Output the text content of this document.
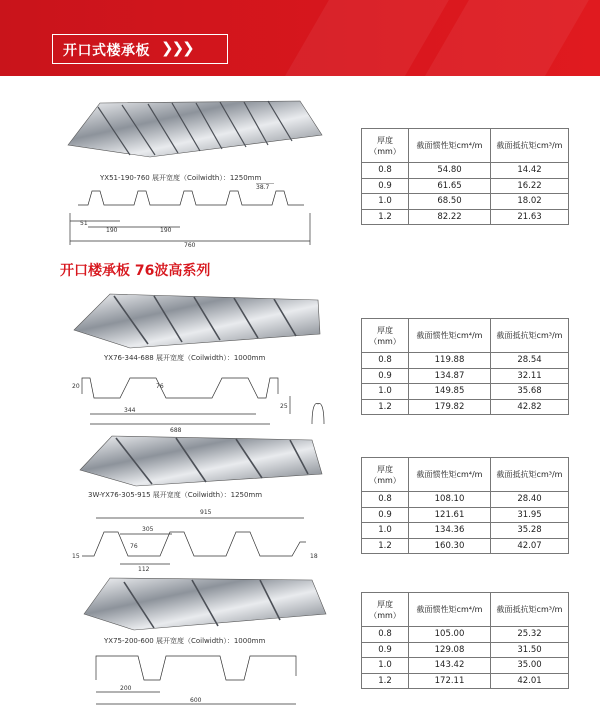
开口式楼承板 ❯❯❯
开口楼承板 76波高系列
YX51-190-760 展开宽度（Coilwidth）：1250mm
51
190	190
38.7
760
厚度（mm）	截面惯性矩cm⁴/m	截面抵抗矩cm³/m
0.8	54.80	14.42
0.9	61.65	16.22
1.0	68.50	18.02
1.2	82.22	21.63
YX76-344-688 展开宽度（Coilwidth）：1000mm
20	76
344
25
688
厚度（mm）	截面惯性矩cm⁴/m	截面抵抗矩cm³/m
0.8	119.88	28.54
0.9	134.87	32.11
1.0	149.85	35.68
1.2	179.82	42.82
3W-YX76-305-915 展开宽度（Coilwidth）：1250mm
915
305
76
15
112
18
厚度（mm）	截面惯性矩cm⁴/m	截面抵抗矩cm³/m
0.8	108.10	28.40
0.9	121.61	31.95
1.0	134.36	35.28
1.2	160.30	42.07
YX75-200-600 展开宽度（Coilwidth）：1000mm
200
600
厚度（mm）	截面惯性矩cm⁴/m	截面抵抗矩cm³/m
0.8	105.00	25.32
0.9	129.08	31.50
1.0	143.42	35.00
1.2	172.11	42.01
